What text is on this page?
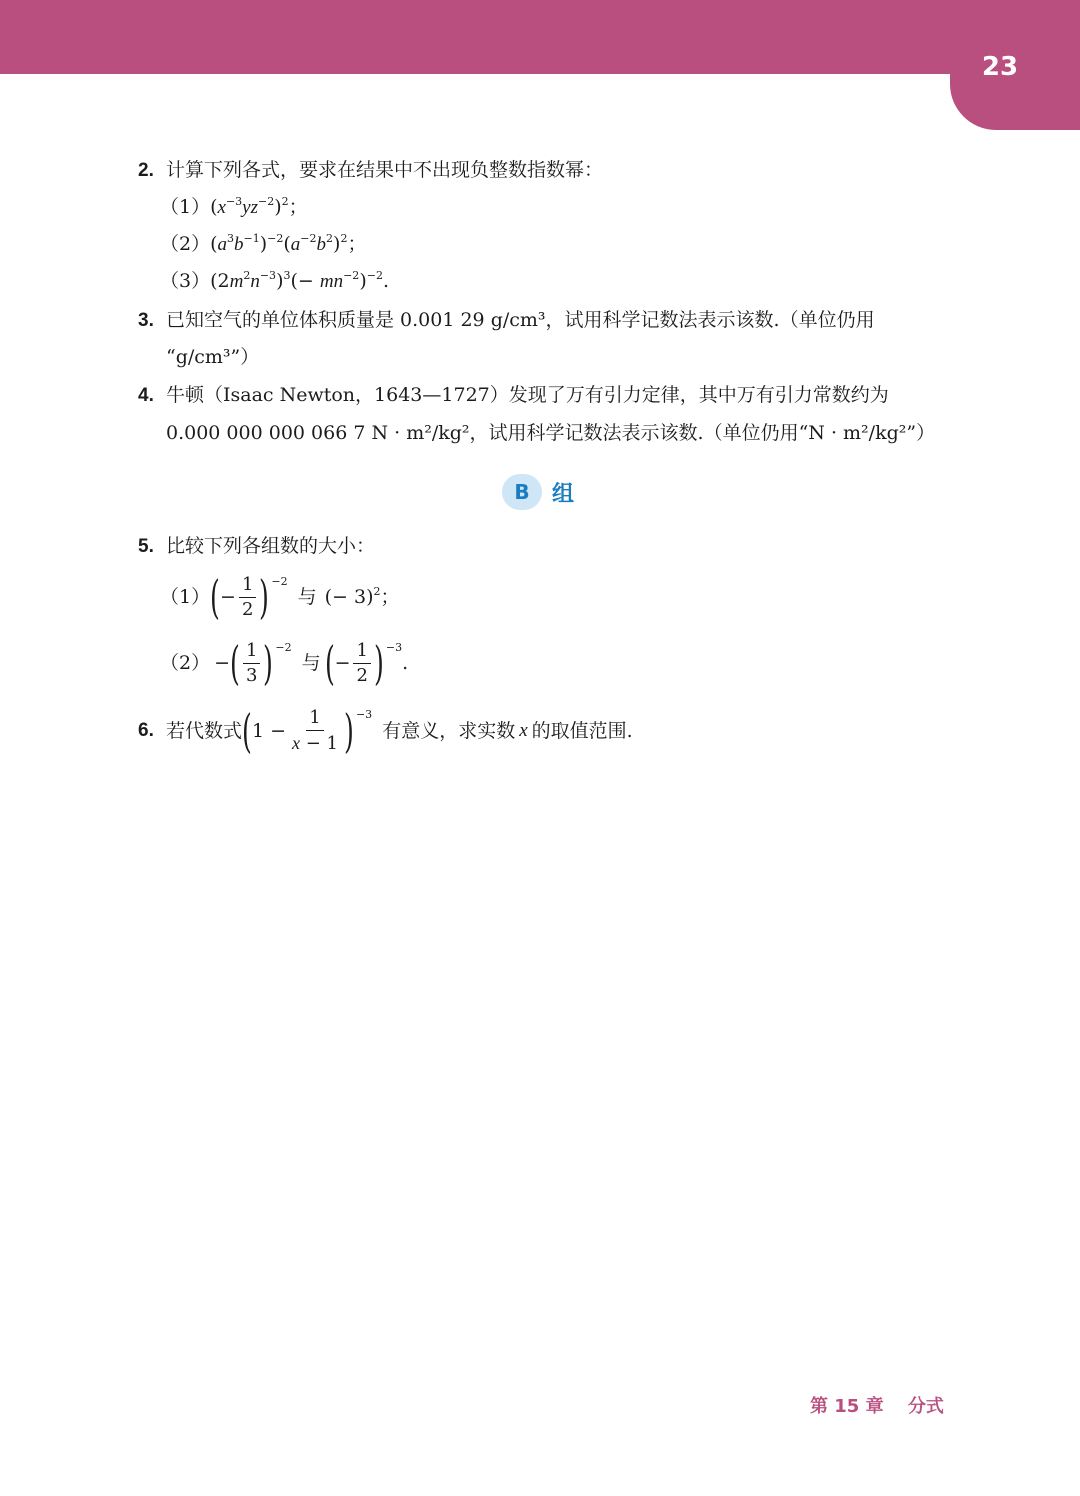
23
2. 计算下列各式，要求在结果中不出现负整数指数幂：
$(1)(x^{-3}yz^{-2})^2$；
$(2)(a^3b^{-1})^{-2}(a^{-2}b^2)^2$；
$(3)(2m^2n^{-3})^3(- mn^{-2})^{-2}$.
3. 已知空气的单位体积质量是 0.001 29 g/cm³，试用科学记数法表示该数.（单位仍用
“g/cm³”）
4. 牛顿（Isaac Newton，1643—1727）发现了万有引力定律，其中万有引力常数约为
0.000 000 000 066 7 N · m²/kg²，试用科学记数法表示该数.（单位仍用“N · m²/kg²”）
B	组
5. 比较下列各组数的大小：
（1） ( − $\frac{1}{2}$ ) −2
与 (− 3)$^2$；
（2） − ( $\frac{1}{3}$ ) −2
与 ( − $\frac{1}{2}$ ) −3
.
6. 若代数式 ( $1 - \frac{1}{x - 1}$ ) −3
有意义，求实数 x 的取值范围.
第 15 章 分式
